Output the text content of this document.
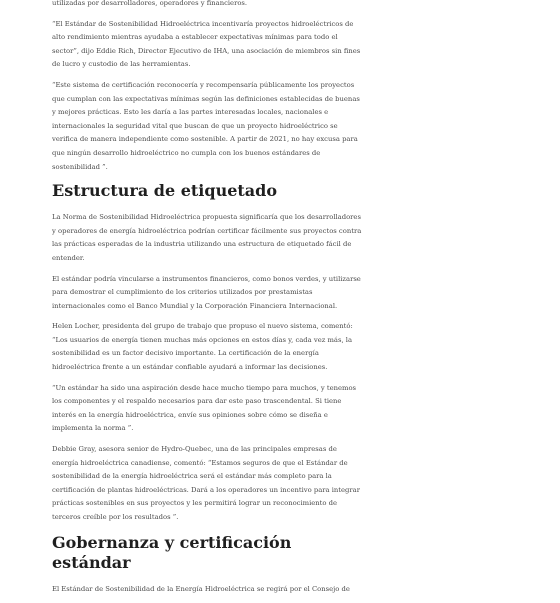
utilizadas por desarrolladores, operadores y financieros.

“El Estándar de Sostenibilidad Hidroeléctrica incentivaría proyectos hidroeléctricos de alto rendimiento mientras ayudaba a establecer expectativas mínimas para todo el sector”, dijo Eddie Rich, Director Ejecutivo de IHA, una asociación de miembros sin fines de lucro y custodio de las herramientas.

“Este sistema de certificación reconocería y recompensaría públicamente los proyectos que cumplan con las expectativas mínimas según las definiciones establecidas de buenas y mejores prácticas. Esto les daría a las partes interesadas locales, nacionales e internacionales la seguridad vital que buscan de que un proyecto hidroeléctrico se verifica de manera independiente como sostenible. A partir de 2021, no hay excusa para que ningún desarrollo hidroeléctrico no cumpla con los buenos estándares de sostenibilidad ”.

Estructura de etiquetado

La Norma de Sostenibilidad Hidroeléctrica propuesta significaría que los desarrolladores y operadores de energía hidroeléctrica podrían certificar fácilmente sus proyectos contra las prácticas esperadas de la industria utilizando una estructura de etiquetado fácil de entender.

El estándar podría vincularse a instrumentos financieros, como bonos verdes, y utilizarse para demostrar el cumplimiento de los criterios utilizados por prestamistas internacionales como el Banco Mundial y la Corporación Financiera Internacional.

Helen Locher, presidenta del grupo de trabajo que propuso el nuevo sistema, comentó: “Los usuarios de energía tienen muchas más opciones en estos días y, cada vez más, la sostenibilidad es un factor decisivo importante. La certificación de la energía hidroeléctrica frente a un estándar confiable ayudará a informar las decisiones.

“Un estándar ha sido una aspiración desde hace mucho tiempo para muchos, y tenemos los componentes y el respaldo necesarios para dar este paso trascendental. Si tiene interés en la energía hidroeléctrica, envíe sus opiniones sobre cómo se diseña e implementa la norma ”.

Debbie Gray, asesora senior de Hydro-Quebec, una de las principales empresas de energía hidroeléctrica canadiense, comentó: “Estamos seguros de que el Estándar de sostenibilidad de la energía hidroeléctrica será el estándar más completo para la certificación de plantas hidroeléctricas. Dará a los operadores un incentivo para integrar prácticas sostenibles en sus proyectos y les permitirá lograr un reconocimiento de terceros creíble por los resultados ”.

Gobernanza y certificación estándar

El Estándar de Sostenibilidad de la Energía Hidroeléctrica se regirá por el Consejo de
